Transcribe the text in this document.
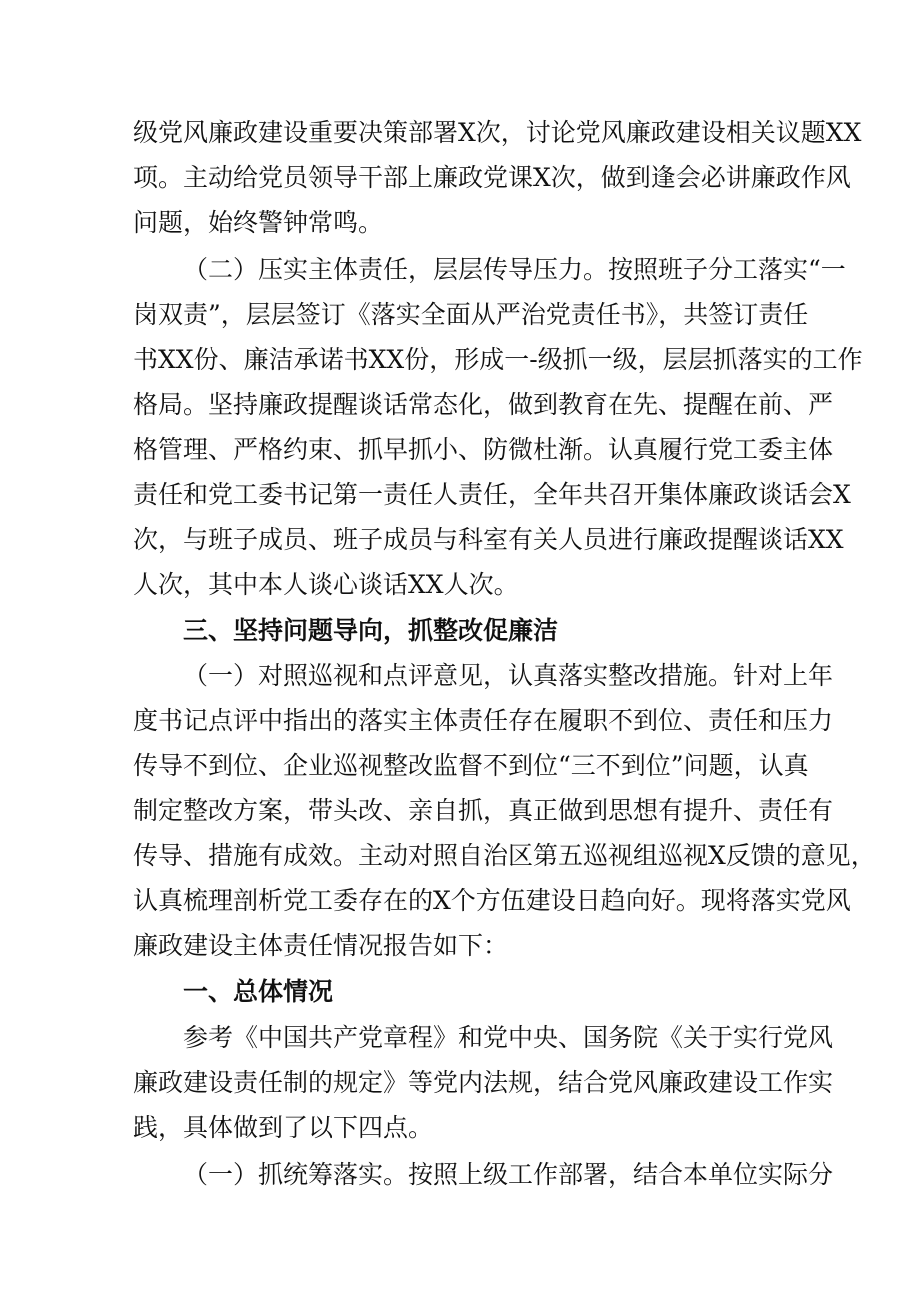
级党风廉政建设重要决策部署X次，讨论党风廉政建设相关议题XX
项。主动给党员领导干部上廉政党课X次，做到逢会必讲廉政作风
问题，始终警钟常鸣。
（二）压实主体责任，层层传导压力。按照班子分工落实“一
岗双责”，层层签订《落实全面从严治党责任书》，共签订责任
书XX份、廉洁承诺书XX份，形成一-级抓一级，层层抓落实的工作
格局。坚持廉政提醒谈话常态化，做到教育在先、提醒在前、严
格管理、严格约束、抓早抓小、防微杜渐。认真履行党工委主体
责任和党工委书记第一责任人责任，全年共召开集体廉政谈话会X
次，与班子成员、班子成员与科室有关人员进行廉政提醒谈话XX
人次，其中本人谈心谈话XX人次。
三、坚持问题导向，抓整改促廉洁
（一）对照巡视和点评意见，认真落实整改措施。针对上年
度书记点评中指出的落实主体责任存在履职不到位、责任和压力
传导不到位、企业巡视整改监督不到位“三不到位”问题，认真
制定整改方案，带头改、亲自抓，真正做到思想有提升、责任有
传导、措施有成效。主动对照自治区第五巡视组巡视X反馈的意见，
认真梳理剖析党工委存在的X个方伍建设日趋向好。现将落实党风
廉政建设主体责任情况报告如下：
一、总体情况
参考《中国共产党章程》和党中央、国务院《关于实行党风
廉政建设责任制的规定》等党内法规，结合党风廉政建设工作实
践，具体做到了以下四点。
（一）抓统筹落实。按照上级工作部署，结合本单位实际分
